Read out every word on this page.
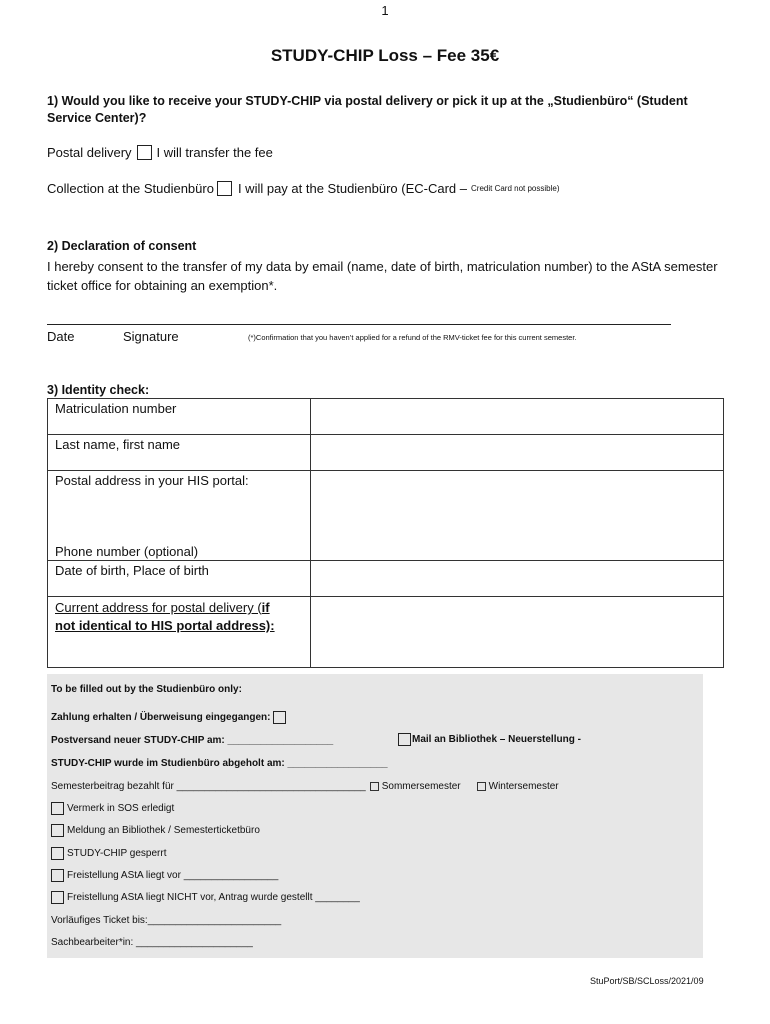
1
STUDY-CHIP Loss – Fee 35€
1) Would you like to receive your STUDY-CHIP via postal delivery or pick it up at the „Studienbüro“ (Student Service Center)?
Postal delivery I will transfer the fee
Collection at the Studienbüro I will pay at the Studienbüro (EC-Card – Credit Card not possible)
2) Declaration of consent
I hereby consent to the transfer of my data by email (name, date of birth, matriculation number) to the AStA semester ticket office for obtaining an exemption*.
Date	Signature	(*)Confirmation that you haven’t applied for a refund of the RMV-ticket fee for this current semester.
3) Identity check:
Matriculation number	
Last name, first name	

Postal address in your HIS portal:
Phone number (optional)	

Date of birth, Place of birth	
Current address for postal delivery (if
not identical to HIS portal address):	
To be filled out by the Studienbüro only:
Zahlung erhalten / Überweisung eingegangen:
Postversand neuer STUDY-CHIP am: ___________________	Mail an Bibliothek – Neuerstellung -
STUDY-CHIP wurde im Studienbüro abgeholt am: __________________
Semesterbeitrag bezahlt für __________________________________ Sommersemester	Wintersemester
Vermerk in SOS erledigt
Meldung an Bibliothek / Semesterticketbüro
STUDY-CHIP gesperrt
Freistellung AStA liegt vor _________________
Freistellung AStA liegt NICHT vor, Antrag wurde gestellt ________
Vorläufiges Ticket bis:________________________
Sachbearbeiter*in: _____________________
StuPort/SB/SCLoss/2021/09
